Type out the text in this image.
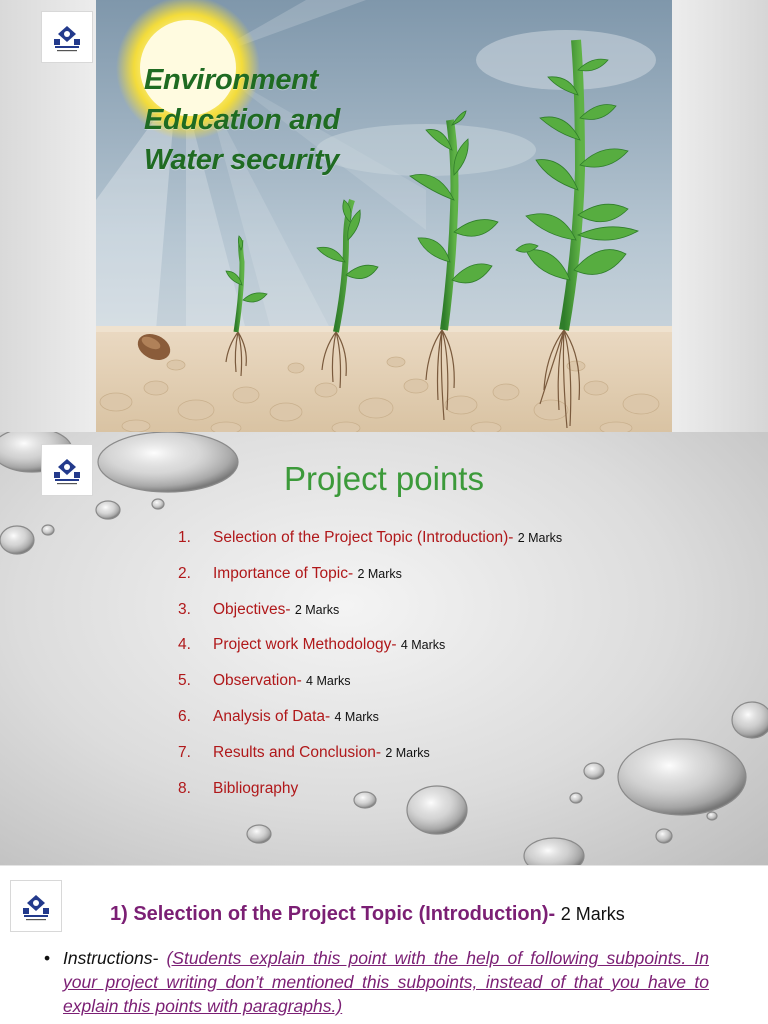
Environment
Education and
Water security
Project points
1. Selection of the Project Topic (Introduction)- 2 Marks
2. Importance of Topic- 2 Marks
3. Objectives- 2 Marks
4. Project work Methodology- 4 Marks
5. Observation- 4 Marks
6. Analysis of Data- 4 Marks
7. Results and Conclusion- 2 Marks
8. Bibliography
1) Selection of the Project Topic (Introduction)- 2 Marks

• Instructions- (Students explain this point with the help of following subpoints. In your project writing don’t mentioned this subpoints, instead of that you have to explain this points with paragraphs.)
